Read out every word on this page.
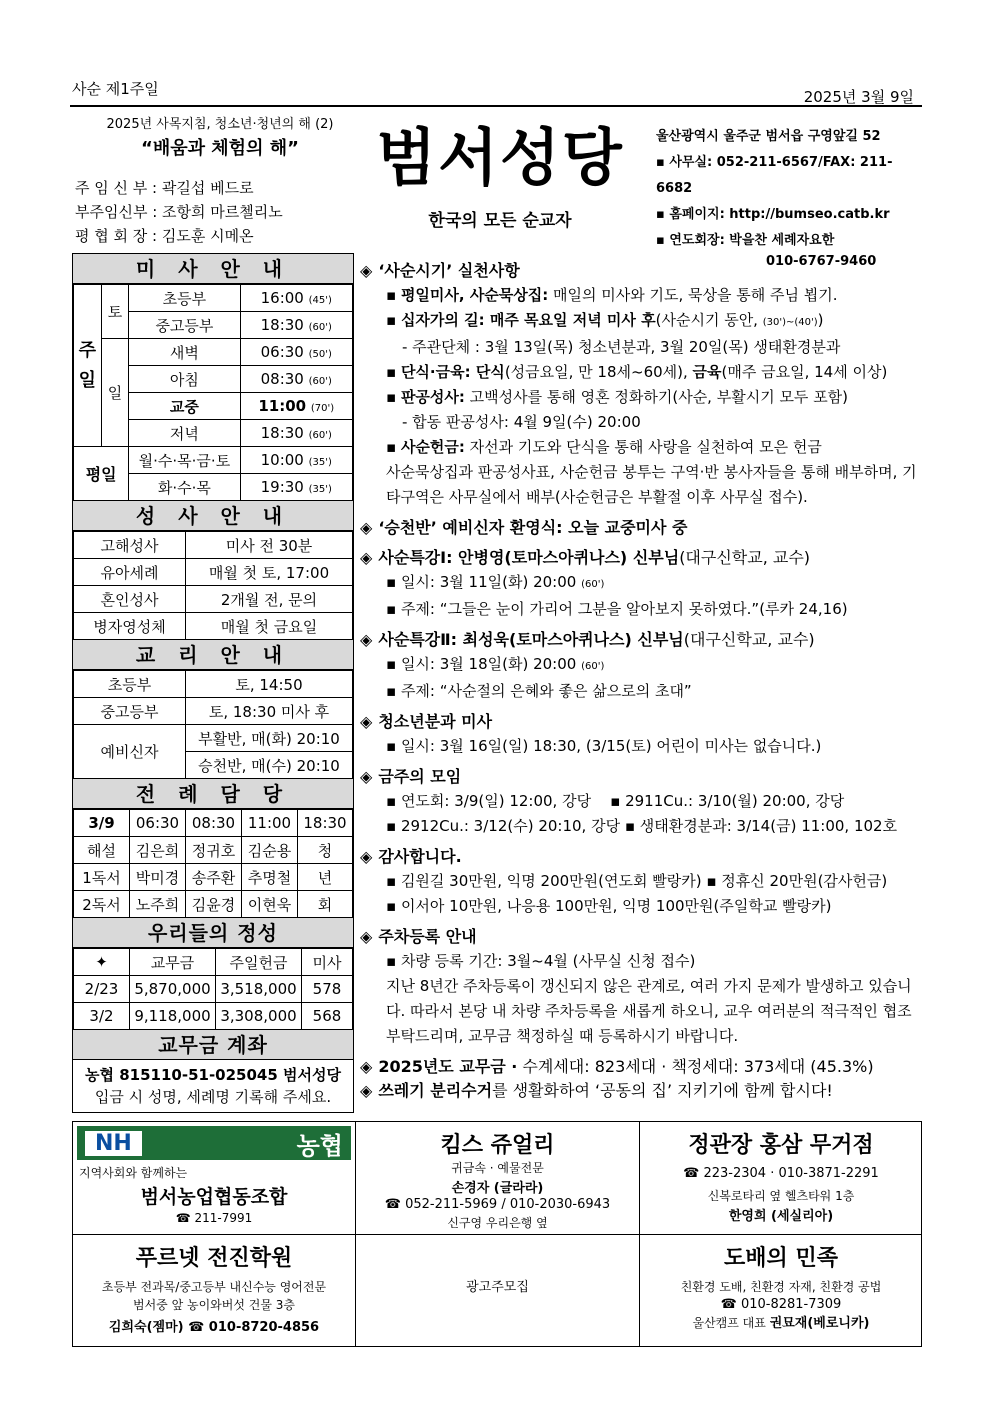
사순 제1주일	2025년 3월 9일
2025년 사목지침, 청소년·청년의 해 (2)
“배움과 체험의 해”
주 임 신 부 : 곽길섭 베드로
부주임신부 : 조항희 마르첼리노
평 협 회 장 : 김도훈 시메온
범서성당
한국의 모든 순교자
울산광역시 울주군 범서읍 구영앞길 52
▪ 사무실: 052-211-6567/FAX: 211-6682
▪ 홈페이지: http://bumseo.catb.kr
▪ 연도회장: 박을찬 세례자요한
010-6767-9460
미 사 안 내
주일	토	초등부	16:00 (45')
		중고등부	18:30 (60')
	일	새벽	06:30 (50')
		아침	08:30 (60')
		교중	11:00 (70')
		저녁	18:30 (60')
평일		월·수·목·금·토	10:00 (35')
		화·수·목	19:30 (35')
성 사 안 내
고해성사	미사 전 30분
유아세례	매월 첫 토, 17:00
혼인성사	2개월 전, 문의
병자영성체	매월 첫 금요일
교 리 안 내
초등부	토, 14:50
중고등부	토, 18:30 미사 후
예비신자	부활반, 매(화) 20:10
	승천반, 매(수) 20:10
전 례 담 당
3/9	06:30	08:30	11:00	18:30
해설	김은희	정귀호	김순용	청
1독서	박미경	송주환	추명철	년
2독서	노주희	김윤경	이현욱	회
우리들의 정성
✦	교무금	주일헌금	미사
2/23	5,870,000	3,518,000	578
3/2	9,118,000	3,308,000	568
교무금 계좌
농협 815110-51-025045 범서성당
입금 시 성명, 세례명 기록해 주세요.
◈ ‘사순시기’ 실천사항
▪ 평일미사, 사순묵상집: 매일의 미사와 기도, 묵상을 통해 주님 뵙기.
▪ 십자가의 길: 매주 목요일 저녁 미사 후(사순시기 동안, (30')~(40'))
- 주관단체 : 3월 13일(목) 청소년분과, 3월 20일(목) 생태환경분과
▪ 단식·금육: 단식(성금요일, 만 18세~60세), 금육(매주 금요일, 14세 이상)
▪ 판공성사: 고백성사를 통해 영혼 정화하기(사순, 부활시기 모두 포함)
- 합동 판공성사: 4월 9일(수) 20:00
▪ 사순헌금: 자선과 기도와 단식을 통해 사랑을 실천하여 모은 헌금
사순묵상집과 판공성사표, 사순헌금 봉투는 구역·반 봉사자들을 통해 배부하며, 기타구역은 사무실에서 배부(사순헌금은 부활절 이후 사무실 접수).
◈ ‘승천반’ 예비신자 환영식: 오늘 교중미사 중
◈ 사순특강Ⅰ: 안병영(토마스아퀴나스) 신부님(대구신학교, 교수)
▪ 일시: 3월 11일(화) 20:00 (60')
▪ 주제: “그들은 눈이 가리어 그분을 알아보지 못하였다.”(루카 24,16)
◈ 사순특강Ⅱ: 최성욱(토마스아퀴나스) 신부님(대구신학교, 교수)
▪ 일시: 3월 18일(화) 20:00 (60')
▪ 주제: “사순절의 은혜와 좋은 삶으로의 초대”
◈ 청소년분과 미사
▪ 일시: 3월 16일(일) 18:30, (3/15(토) 어린이 미사는 없습니다.)
◈ 금주의 모임
▪ 연도회: 3/9(일) 12:00, 강당    ▪ 2911Cu.: 3/10(월) 20:00, 강당
▪ 2912Cu.: 3/12(수) 20:10, 강당 ▪ 생태환경분과: 3/14(금) 11:00, 102호
◈ 감사합니다.
▪ 김원길 30만원, 익명 200만원(연도회 빨랑카) ▪ 정휴신 20만원(감사헌금)
▪ 이서아 10만원, 나응용 100만원, 익명 100만원(주일학교 빨랑카)
◈ 주차등록 안내
▪ 차량 등록 기간: 3월~4월 (사무실 신청 접수)
지난 8년간 주차등록이 갱신되지 않은 관계로, 여러 가지 문제가 발생하고 있습니다. 따라서 본당 내 차량 주차등록을 새롭게 하오니, 교우 여러분의 적극적인 협조 부탁드리며, 교무금 책정하실 때 등록하시기 바랍니다.
◈ 2025년도 교무금 · 수계세대: 823세대 · 책정세대: 373세대 (45.3%)
◈ 쓰레기 분리수거를 생활화하여 ‘공동의 집’ 지키기에 함께 합시다!
NH	농협
지역사회와 함께하는
범서농업협동조합
☎ 211-7991
킴스 쥬얼리
귀금속 · 예물전문
손경자 (글라라)
☎ 052-211-5969 / 010-2030-6943
신구영 우리은행 옆
정관장 홍삼 무거점
☎ 223-2304 · 010-3871-2291
신복로타리 옆 헬츠타워 1층
한영희 (세실리아)
푸르넷 전진학원
초등부 전과목/중고등부 내신수능 영어전문
범서중 앞 농이와버섯 건물 3층
김희숙(젬마) ☎ 010-8720-4856
광고주모집
도배의 민족
친환경 도배, 친환경 자재, 친환경 공법
☎ 010-8281-7309
울산캠프 대표 권묘재(베로니카)
